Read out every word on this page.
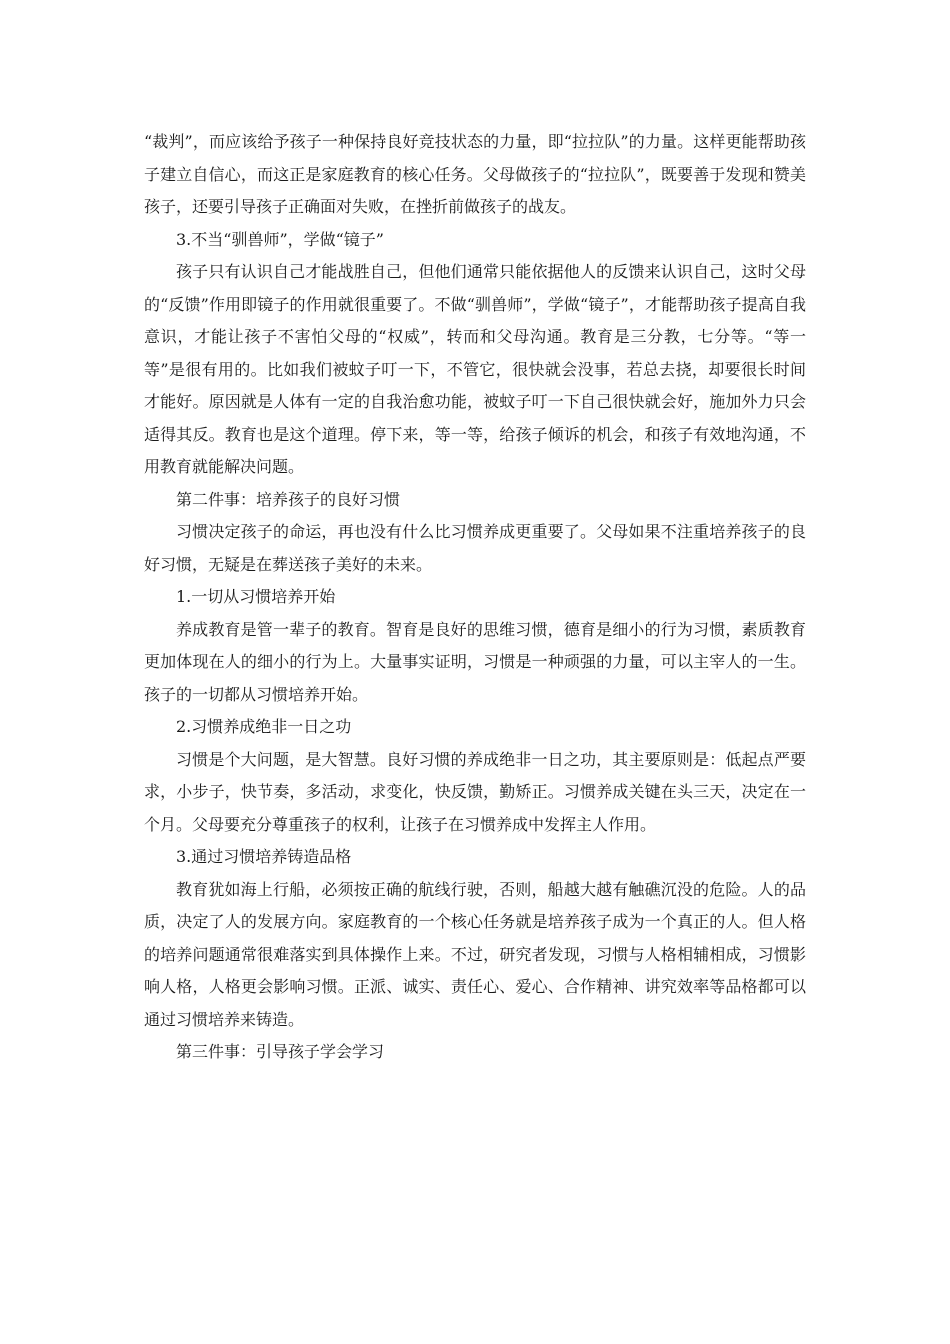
“裁判”，而应该给予孩子一种保持良好竞技状态的力量，即“拉拉队”的力量。这样更能帮助孩子建立自信心，而这正是家庭教育的核心任务。父母做孩子的“拉拉队”，既要善于发现和赞美孩子，还要引导孩子正确面对失败，在挫折前做孩子的战友。

3.不当“驯兽师”，学做“镜子”

孩子只有认识自己才能战胜自己，但他们通常只能依据他人的反馈来认识自己，这时父母的“反馈”作用即镜子的作用就很重要了。不做“驯兽师”，学做“镜子”，才能帮助孩子提高自我意识，才能让孩子不害怕父母的“权威”，转而和父母沟通。教育是三分教，七分等。“等一等”是很有用的。比如我们被蚊子叮一下，不管它，很快就会没事，若总去挠，却要很长时间才能好。原因就是人体有一定的自我治愈功能，被蚊子叮一下自己很快就会好，施加外力只会适得其反。教育也是这个道理。停下来，等一等，给孩子倾诉的机会，和孩子有效地沟通，不用教育就能解决问题。

第二件事：培养孩子的良好习惯

习惯决定孩子的命运，再也没有什么比习惯养成更重要了。父母如果不注重培养孩子的良好习惯，无疑是在葬送孩子美好的未来。

1.一切从习惯培养开始

养成教育是管一辈子的教育。智育是良好的思维习惯，德育是细小的行为习惯，素质教育更加体现在人的细小的行为上。大量事实证明，习惯是一种顽强的力量，可以主宰人的一生。孩子的一切都从习惯培养开始。

2.习惯养成绝非一日之功

习惯是个大问题，是大智慧。良好习惯的养成绝非一日之功，其主要原则是：低起点严要求，小步子，快节奏，多活动，求变化，快反馈，勤矫正。习惯养成关键在头三天，决定在一个月。父母要充分尊重孩子的权利，让孩子在习惯养成中发挥主人作用。

3.通过习惯培养铸造品格

教育犹如海上行船，必须按正确的航线行驶，否则，船越大越有触礁沉没的危险。人的品质，决定了人的发展方向。家庭教育的一个核心任务就是培养孩子成为一个真正的人。但人格的培养问题通常很难落实到具体操作上来。不过，研究者发现，习惯与人格相辅相成，习惯影响人格，人格更会影响习惯。正派、诚实、责任心、爱心、合作精神、讲究效率等品格都可以通过习惯培养来铸造。

第三件事：引导孩子学会学习
